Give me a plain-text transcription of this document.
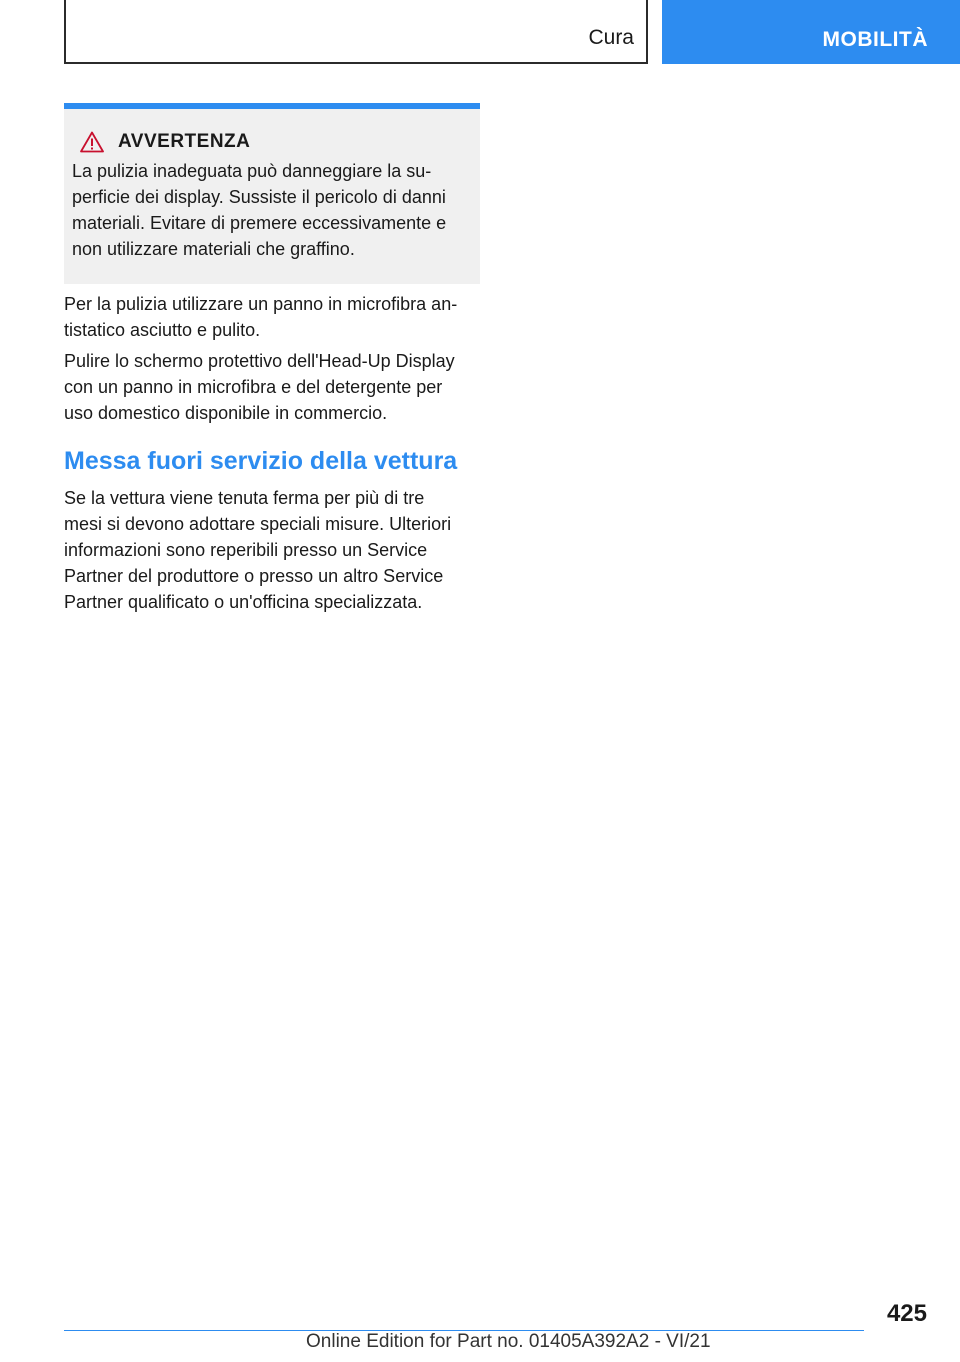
Cura	MOBILITÀ
AVVERTENZA
La pulizia inadeguata può danneggiare la su-
perficie dei display. Sussiste il pericolo di danni
materiali. Evitare di premere eccessivamente e
non utilizzare materiali che graffino.
Per la pulizia utilizzare un panno in microfibra an-
tistatico asciutto e pulito.
Pulire lo schermo protettivo dell'Head-Up Display
con un panno in microfibra e del detergente per
uso domestico disponibile in commercio.
Messa fuori servizio della vettura
Se la vettura viene tenuta ferma per più di tre
mesi si devono adottare speciali misure. Ulteriori
informazioni sono reperibili presso un Service
Partner del produttore o presso un altro Service
Partner qualificato o un'officina specializzata.
425
Online Edition for Part no. 01405A392A2 - VI/21
